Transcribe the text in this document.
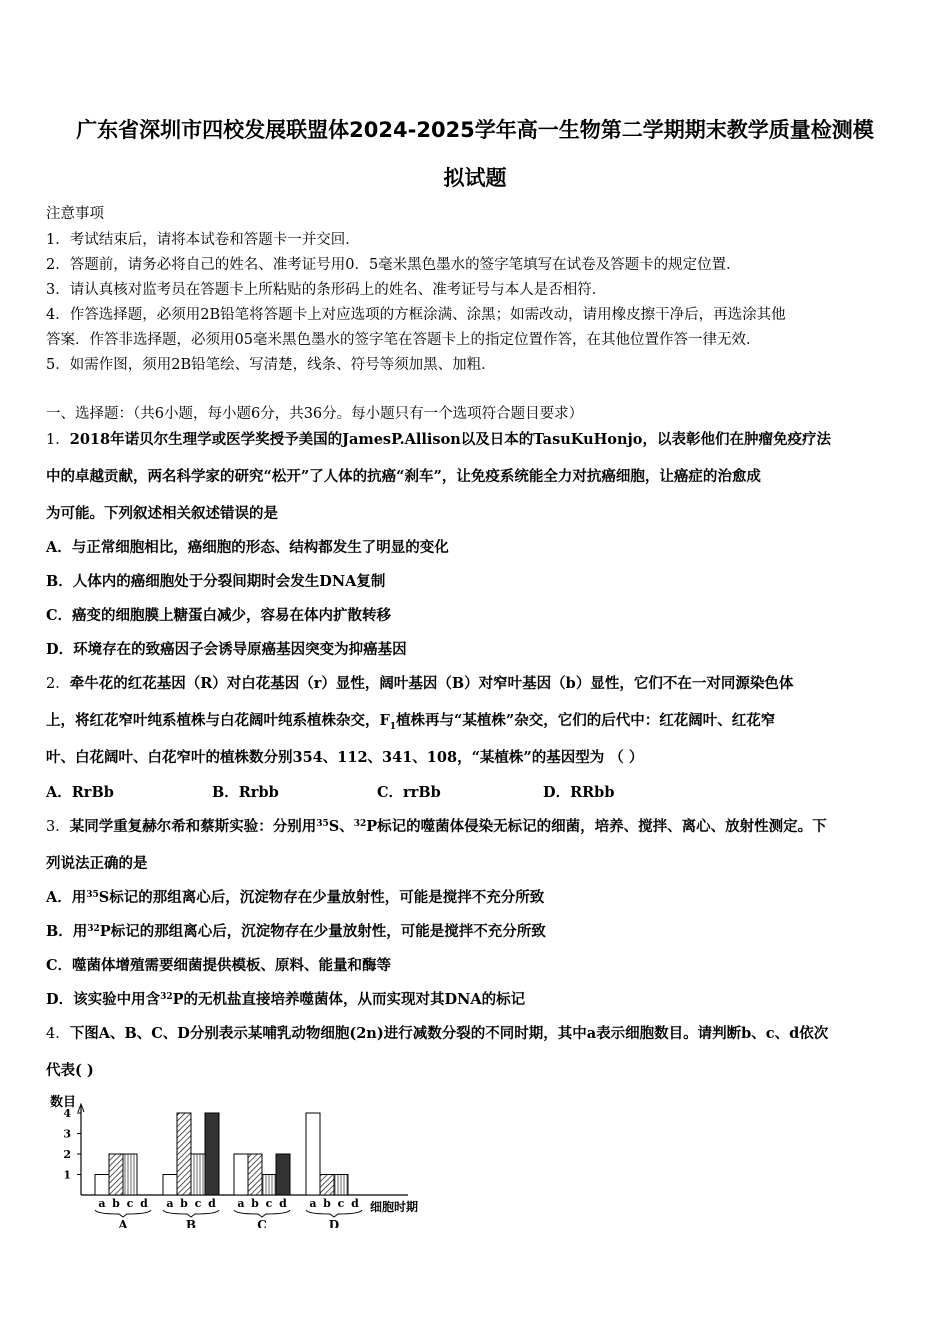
广东省深圳市四校发展联盟体2024-2025学年高一生物第二学期期末教学质量检测模
拟试题
注意事项
1．考试结束后，请将本试卷和答题卡一并交回．
2．答题前，请务必将自己的姓名、准考证号用0．5毫米黑色墨水的签字笔填写在试卷及答题卡的规定位置．
3．请认真核对监考员在答题卡上所粘贴的条形码上的姓名、准考证号与本人是否相符．
4．作答选择题，必须用2B铅笔将答题卡上对应选项的方框涂满、涂黑；如需改动，请用橡皮擦干净后，再选涂其他
答案．作答非选择题，必须用05毫米黑色墨水的签字笔在答题卡上的指定位置作答，在其他位置作答一律无效．
5．如需作图，须用2B铅笔绘、写清楚，线条、符号等须加黑、加粗．
一、选择题：（共6小题，每小题6分，共36分。每小题只有一个选项符合题目要求）
1．2018年诺贝尔生理学或医学奖授予美国的JamesP.Allison以及日本的TasuKuHonjo，以表彰他们在肿瘤免疫疗法
中的卓越贡献，两名科学家的研究“松开”了人体的抗癌“刹车”，让免疫系统能全力对抗癌细胞，让癌症的治愈成
为可能。下列叙述相关叙述错误的是
A．与正常细胞相比，癌细胞的形态、结构都发生了明显的变化
B．人体内的癌细胞处于分裂间期时会发生DNA复制
C．癌变的细胞膜上糖蛋白减少，容易在体内扩散转移
D．环境存在的致癌因子会诱导原癌基因突变为抑癌基因
2．牵牛花的红花基因（R）对白花基因（r）显性，阔叶基因（B）对窄叶基因（b）显性，它们不在一对同源染色体
上，将红花窄叶纯系植株与白花阔叶纯系植株杂交，$F_1$植株再与“某植株”杂交，它们的后代中：红花阔叶、红花窄
叶、白花阔叶、白花窄叶的植株数分别354、112、341、108，“某植株”的基因型为 （ ）
A．RrBb	B．Rrbb	C．rrBb	D．RRbb
3．某同学重复赫尔希和蔡斯实验：分别用$^{35}$S、$^{32}$P标记的噬菌体侵染无标记的细菌，培养、搅拌、离心、放射性测定。下
列说法正确的是
A．用$^{35}$S标记的那组离心后，沉淀物存在少量放射性，可能是搅拌不充分所致
B．用$^{32}$P标记的那组离心后，沉淀物存在少量放射性，可能是搅拌不充分所致
C．噬菌体增殖需要细菌提供模板、原料、能量和酶等
D．该实验中用含$^{32}$P的无机盐直接培养噬菌体，从而实现对其DNA的标记
4．下图A、B、C、D分别表示某哺乳动物细胞(2n)进行减数分裂的不同时期，其中a表示细胞数目。请判断b、c、d依次
代表( )
数目
1
2
3
4
a b c d
A
a b c d
B
a b c d
C
a b c d
D
细胞时期
